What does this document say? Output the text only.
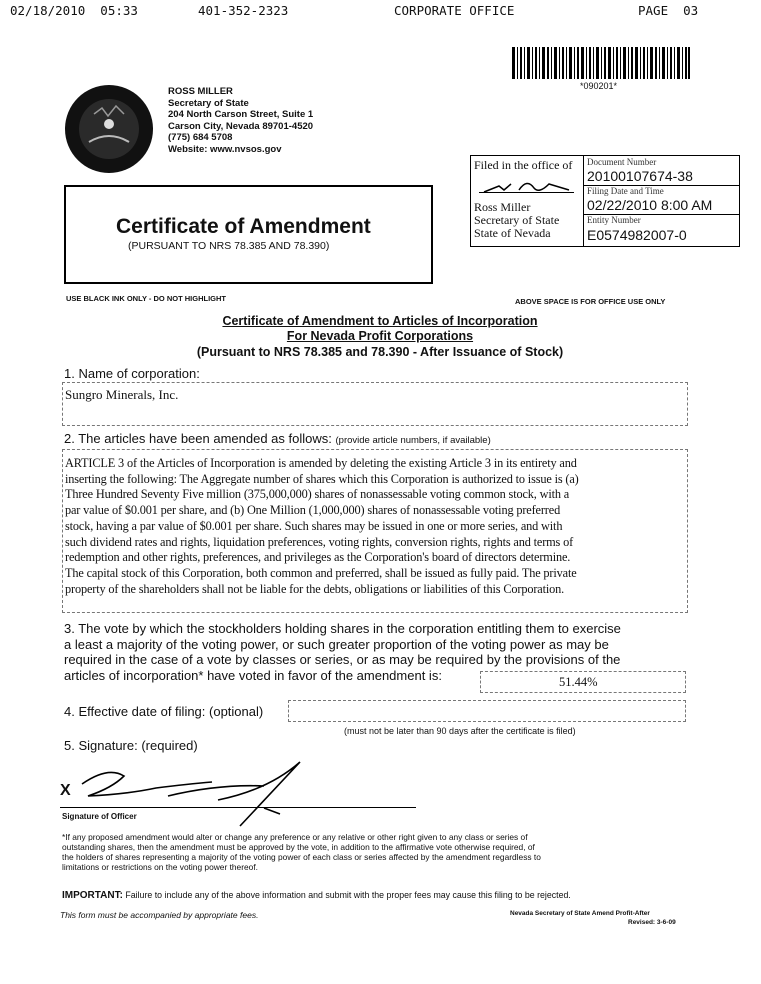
02/18/2010  05:33	401-352-2323	CORPORATE OFFICE	PAGE  03
*090201*
ROSS MILLER
Secretary of State
204 North Carson Street, Suite 1
Carson City, Nevada 89701-4520
(775) 684 5708
Website: www.nvsos.gov
Filed in the office of
Ross Miller
Secretary of State
State of Nevada
Document Number
20100107674-38
Filing Date and Time
02/22/2010 8:00 AM
Entity Number
E0574982007-0
Certificate of Amendment
(PURSUANT TO NRS 78.385 AND 78.390)
USE BLACK INK ONLY - DO NOT HIGHLIGHT	ABOVE SPACE IS FOR OFFICE USE ONLY
Certificate of Amendment to Articles of Incorporation
For Nevada Profit Corporations
(Pursuant to NRS 78.385 and 78.390 - After Issuance of Stock)
1. Name of corporation:
Sungro Minerals, Inc.
2. The articles have been amended as follows: (provide article numbers, if available)
ARTICLE 3 of the Articles of Incorporation is amended by deleting the existing Article 3 in its entirety and
inserting the following: The Aggregate number of shares which this Corporation is authorized to issue is (a)
Three Hundred Seventy Five million (375,000,000) shares of nonassessable voting common stock, with a
par value of $0.001 per share, and (b) One Million (1,000,000) shares of nonassessable voting preferred
stock, having a par value of $0.001 per share. Such shares may be issued in one or more series, and with
such dividend rates and rights, liquidation preferences, voting rights, conversion rights, rights and terms of
redemption and other rights, preferences, and privileges as the Corporation's board of directors determine.
The capital stock of this Corporation, both common and preferred, shall be issued as fully paid. The private
property of the shareholders shall not be liable for the debts, obligations or liabilities of this Corporation.
3. The vote by which the stockholders holding shares in the corporation entitling them to exercise
a least a majority of the voting power, or such greater proportion of the voting power as may be
required in the case of a vote by classes or series, or as may be required by the provisions of the
articles of incorporation* have voted in favor of the amendment is:	51.44%
4. Effective date of filing: (optional)
(must not be later than 90 days after the certificate is filed)
5. Signature: (required)
X
Signature of Officer
*If any proposed amendment would alter or change any preference or any relative or other right given to any class or series of
outstanding shares, then the amendment must be approved by the vote, in addition to the affirmative vote otherwise required, of
the holders of shares representing a majority of the voting power of each class or series affected by the amendment regardless to
limitations or restrictions on the voting power thereof.
IMPORTANT: Failure to include any of the above information and submit with the proper fees may cause this filing to be rejected.
This form must be accompanied by appropriate fees.	Nevada Secretary of State Amend Profit-After
Revised: 3-6-09
